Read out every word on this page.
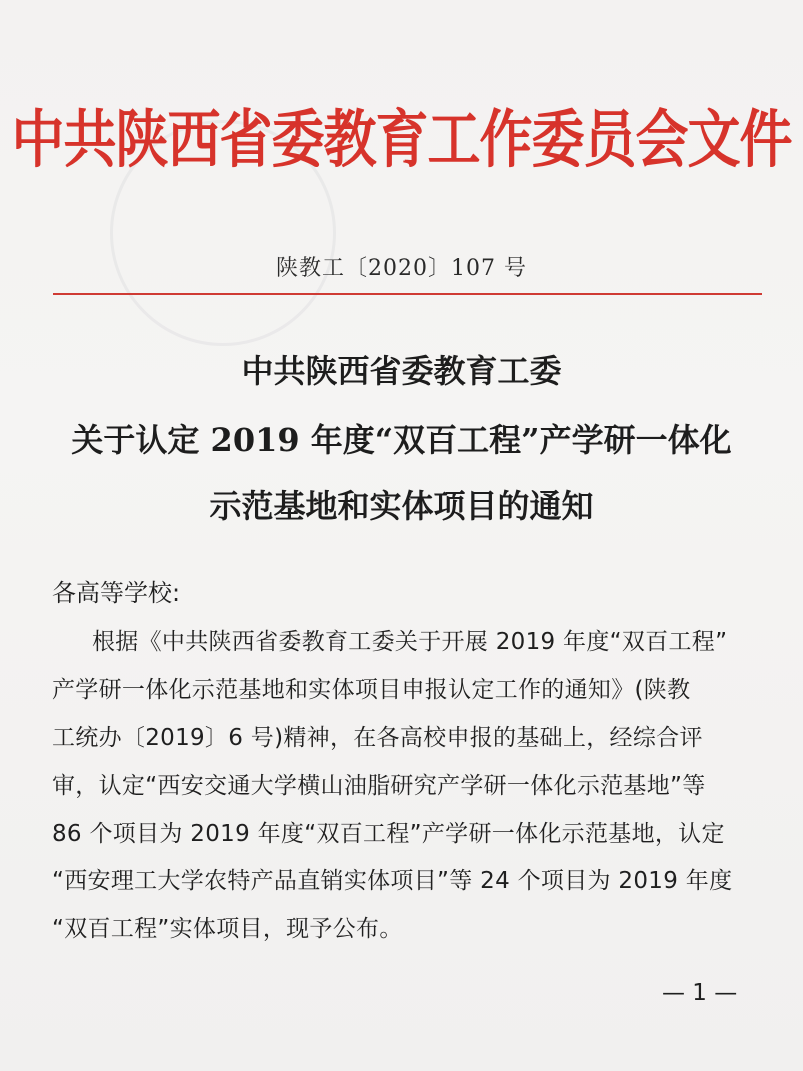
中共陕西省委教育工作委员会文件
陕教工〔2020〕107 号
中共陕西省委教育工委
关于认定 2019 年度“双百工程”产学研一体化
示范基地和实体项目的通知
各高等学校:
根据《中共陕西省委教育工委关于开展 2019 年度“双百工程”
产学研一体化示范基地和实体项目申报认定工作的通知》(陕教
工统办〔2019〕6 号)精神，在各高校申报的基础上，经综合评
审，认定“西安交通大学横山油脂研究产学研一体化示范基地”等
86 个项目为 2019 年度“双百工程”产学研一体化示范基地，认定
“西安理工大学农特产品直销实体项目”等 24 个项目为 2019 年度
“双百工程”实体项目，现予公布。
— 1 —
